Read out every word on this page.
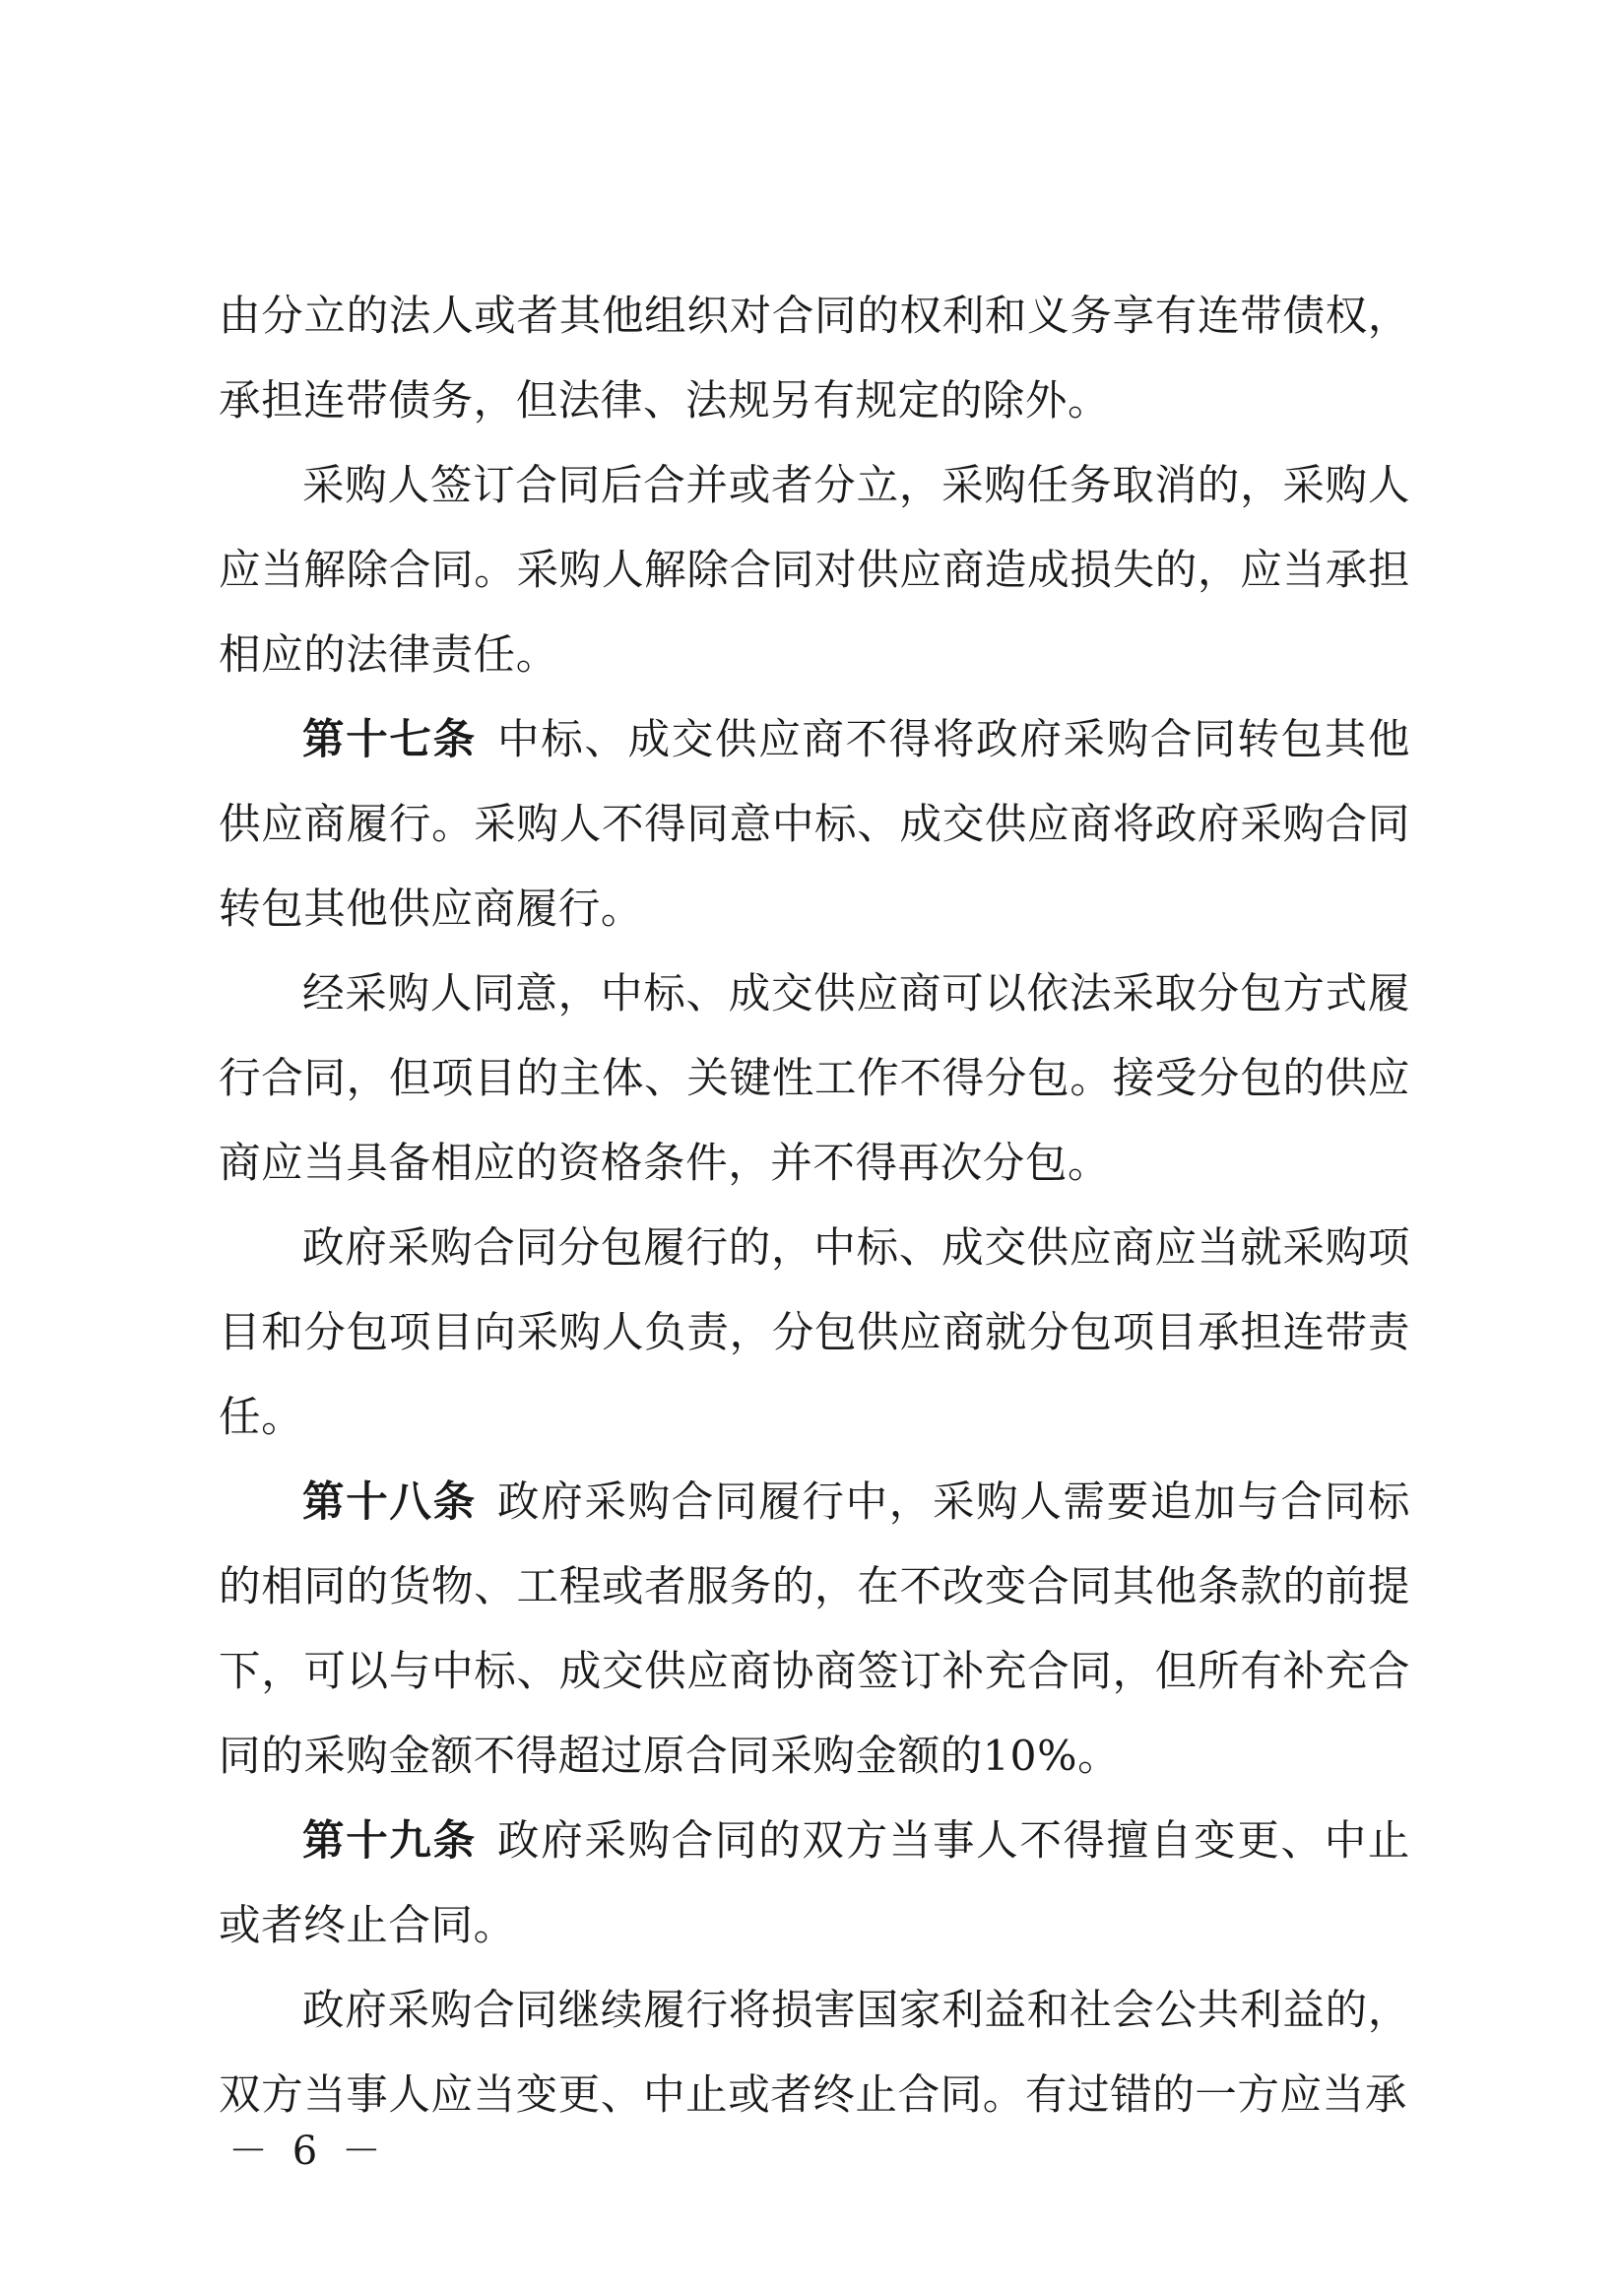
由分立的法人或者其他组织对合同的权利和义务享有连带债权，承担连带债务，但法律、法规另有规定的除外。

采购人签订合同后合并或者分立，采购任务取消的，采购人应当解除合同。采购人解除合同对供应商造成损失的，应当承担相应的法律责任。

第十七条 中标、成交供应商不得将政府采购合同转包其他供应商履行。采购人不得同意中标、成交供应商将政府采购合同转包其他供应商履行。

经采购人同意，中标、成交供应商可以依法采取分包方式履行合同，但项目的主体、关键性工作不得分包。接受分包的供应商应当具备相应的资格条件，并不得再次分包。

政府采购合同分包履行的，中标、成交供应商应当就采购项目和分包项目向采购人负责，分包供应商就分包项目承担连带责任。

第十八条 政府采购合同履行中，采购人需要追加与合同标的相同的货物、工程或者服务的，在不改变合同其他条款的前提下，可以与中标、成交供应商协商签订补充合同，但所有补充合同的采购金额不得超过原合同采购金额的10%。

第十九条 政府采购合同的双方当事人不得擅自变更、中止或者终止合同。

政府采购合同继续履行将损害国家利益和社会公共利益的，双方当事人应当变更、中止或者终止合同。有过错的一方应当承

－ 6 －
